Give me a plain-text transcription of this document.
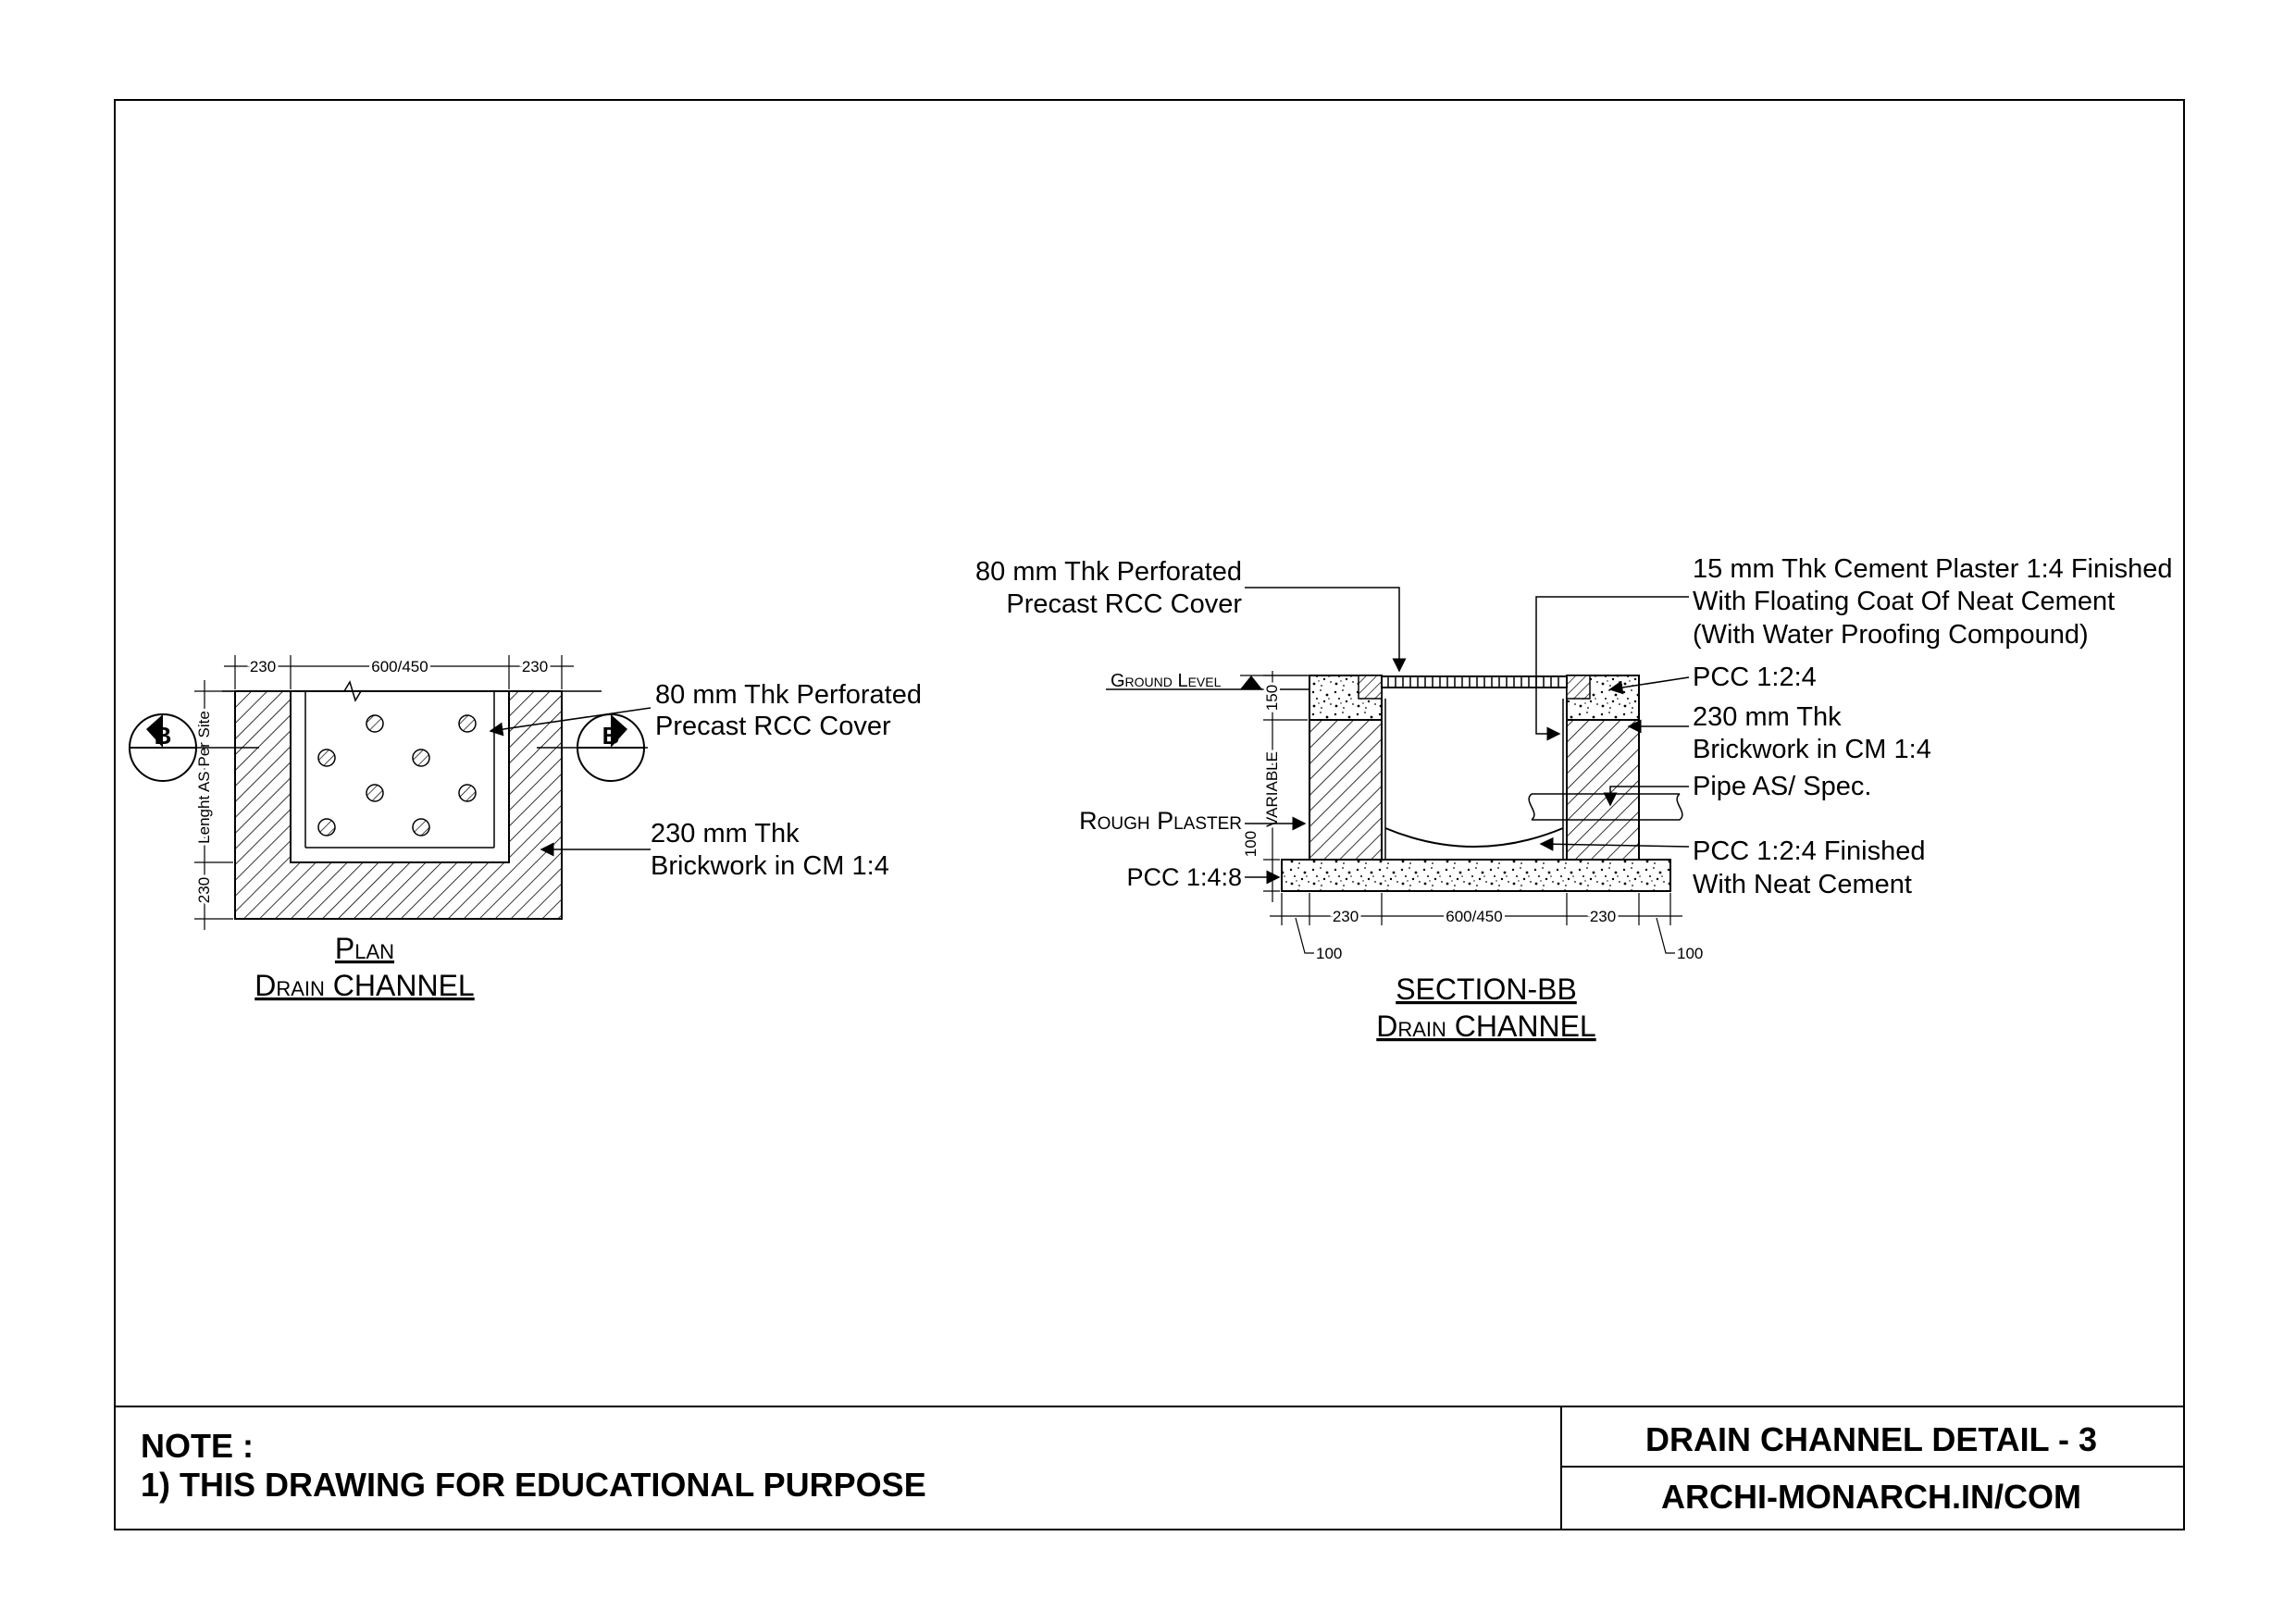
230	600/450	230
Lenght AS Per Site
230
B	B
80 mm Thk Perforated
Precast RCC Cover
230 mm Thk
Brickwork in CM 1:4
Plan
Drain CHANNEL
Ground Level
150
VARIABLE
100
230	600/450	230
100	100
80 mm Thk Perforated
Precast RCC Cover
15 mm Thk Cement Plaster 1:4 Finished
With Floating Coat Of Neat Cement
(With Water Proofing Compound)
PCC 1:2:4
230 mm Thk
Brickwork in CM 1:4
Pipe AS/ Spec.
PCC 1:2:4 Finished
With Neat Cement
Rough Plaster
PCC 1:4:8
SECTION-BB
Drain CHANNEL
NOTE :
1) THIS DRAWING FOR EDUCATIONAL PURPOSE
DRAIN CHANNEL DETAIL - 3
ARCHI-MONARCH.IN/COM
